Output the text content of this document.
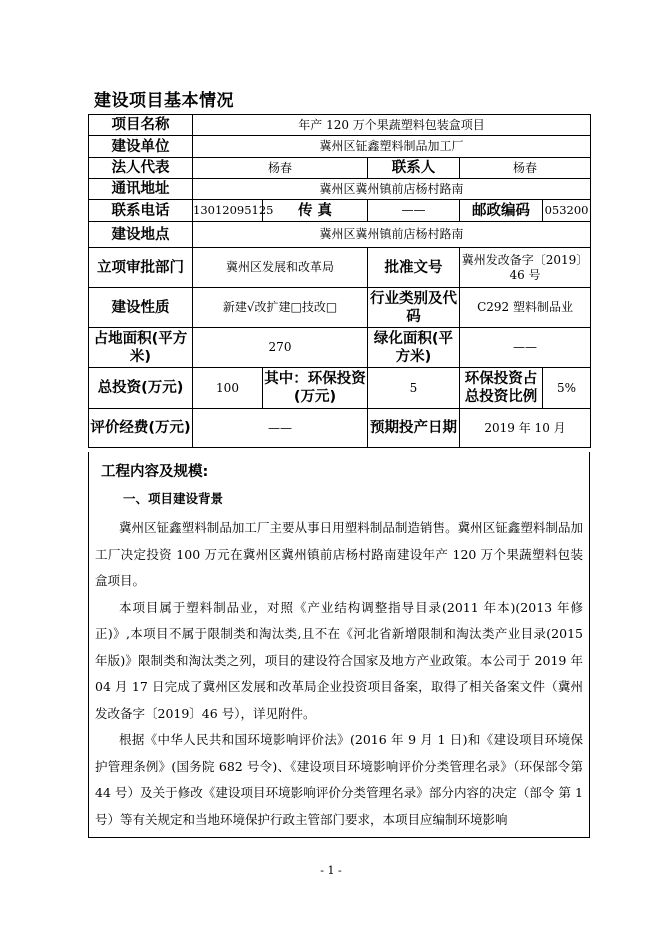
建设项目基本情况
项目名称	年产 120 万个果蔬塑料包装盒项目				
建设单位	冀州区钲鑫塑料制品加工厂				
法人代表	杨春		联系人	杨春	
通讯地址	冀州区冀州镇前店杨村路南				
联系电话	13012095125	传 真	——	邮政编码	053200
建设地点	冀州区冀州镇前店杨村路南				
立项审批部门	冀州区发展和改革局		批准文号	冀州发改备字〔2019〕46 号	
建设性质	新建√改扩建□技改□		行业类别及代码	C292 塑料制品业	
占地面积(平方米)	270		绿化面积(平方米)	——	
总投资(万元)	100	其中：环保投资(万元)	5	环保投资占总投资比例	5%
评价经费(万元)	——		预期投产日期	2019 年 10 月	
工程内容及规模:
一、项目建设背景

冀州区钲鑫塑料制品加工厂主要从事日用塑料制品制造销售。冀州区钲鑫塑料制品加工厂决定投资 100 万元在冀州区冀州镇前店杨村路南建设年产 120 万个果蔬塑料包装盒项目。

本项目属于塑料制品业，对照《产业结构调整指导目录(2011 年本)(2013 年修正)》,本项目不属于限制类和淘汰类,且不在《河北省新增限制和淘汰类产业目录(2015 年版)》限制类和淘汰类之列，项目的建设符合国家及地方产业政策。本公司于 2019 年 04 月 17 日完成了冀州区发展和改革局企业投资项目备案，取得了相关备案文件（冀州发改备字〔2019〕46 号），详见附件。

根据《中华人民共和国环境影响评价法》(2016 年 9 月 1 日)和《建设项目环境保护管理条例》(国务院 682 号令)、《建设项目环境影响评价分类管理名录》（环保部令第 44 号）及关于修改《建设项目环境影响评价分类管理名录》部分内容的决定（部令 第 1 号）等有关规定和当地环境保护行政主管部门要求，本项目应编制环境影响

- 1 -
